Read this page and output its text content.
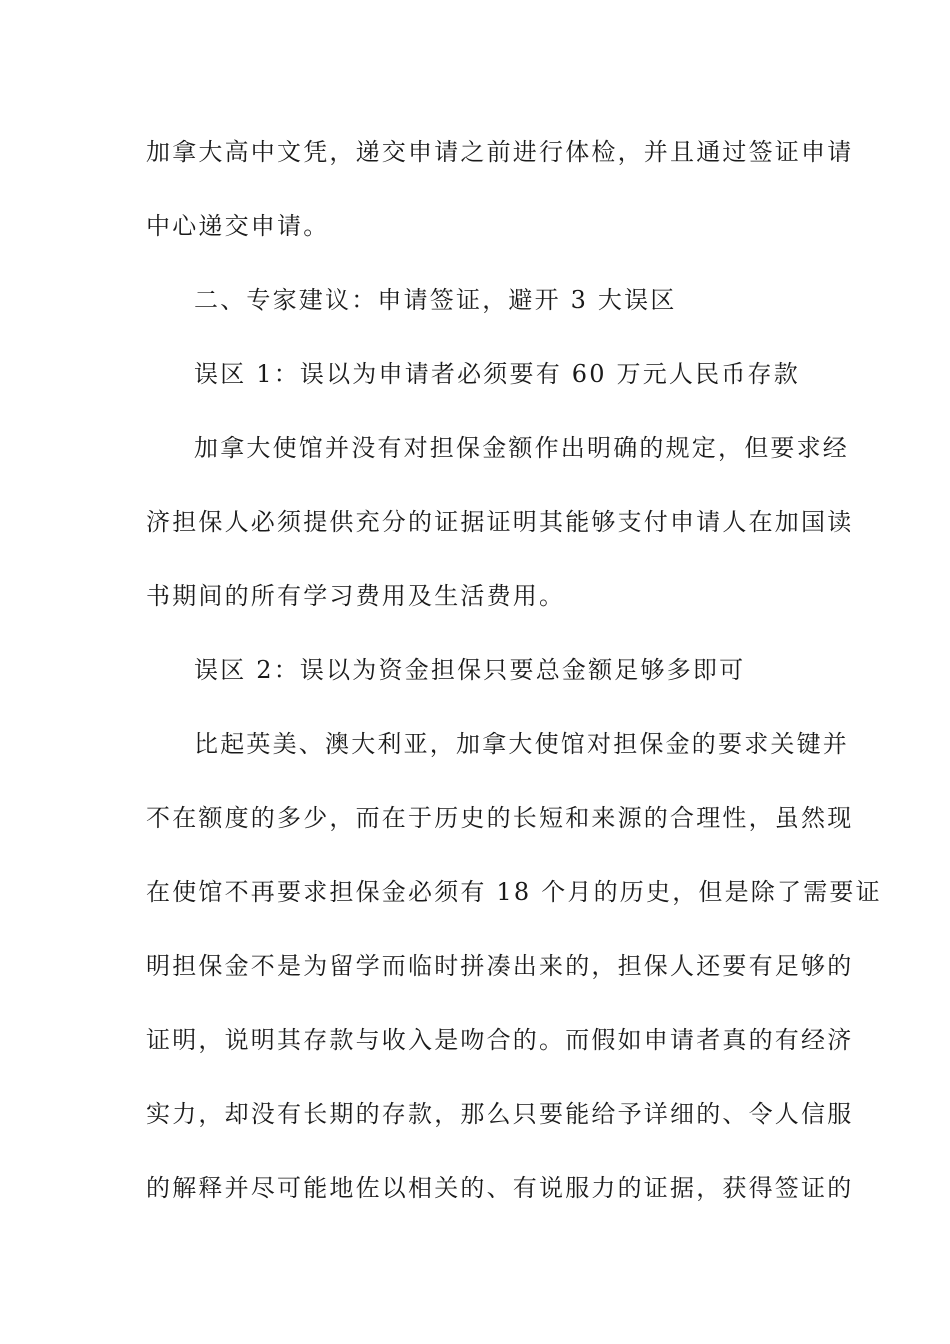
加拿大高中文凭，递交申请之前进行体检，并且通过签证申请
中心递交申请。
二、专家建议：申请签证，避开 3 大误区
误区 1：误以为申请者必须要有 60 万元人民币存款
加拿大使馆并没有对担保金额作出明确的规定，但要求经
济担保人必须提供充分的证据证明其能够支付申请人在加国读
书期间的所有学习费用及生活费用。
误区 2：误以为资金担保只要总金额足够多即可
比起英美、澳大利亚，加拿大使馆对担保金的要求关键并
不在额度的多少，而在于历史的长短和来源的合理性，虽然现
在使馆不再要求担保金必须有 18 个月的历史，但是除了需要证
明担保金不是为留学而临时拼凑出来的，担保人还要有足够的
证明，说明其存款与收入是吻合的。而假如申请者真的有经济
实力，却没有长期的存款，那么只要能给予详细的、令人信服
的解释并尽可能地佐以相关的、有说服力的证据，获得签证的
